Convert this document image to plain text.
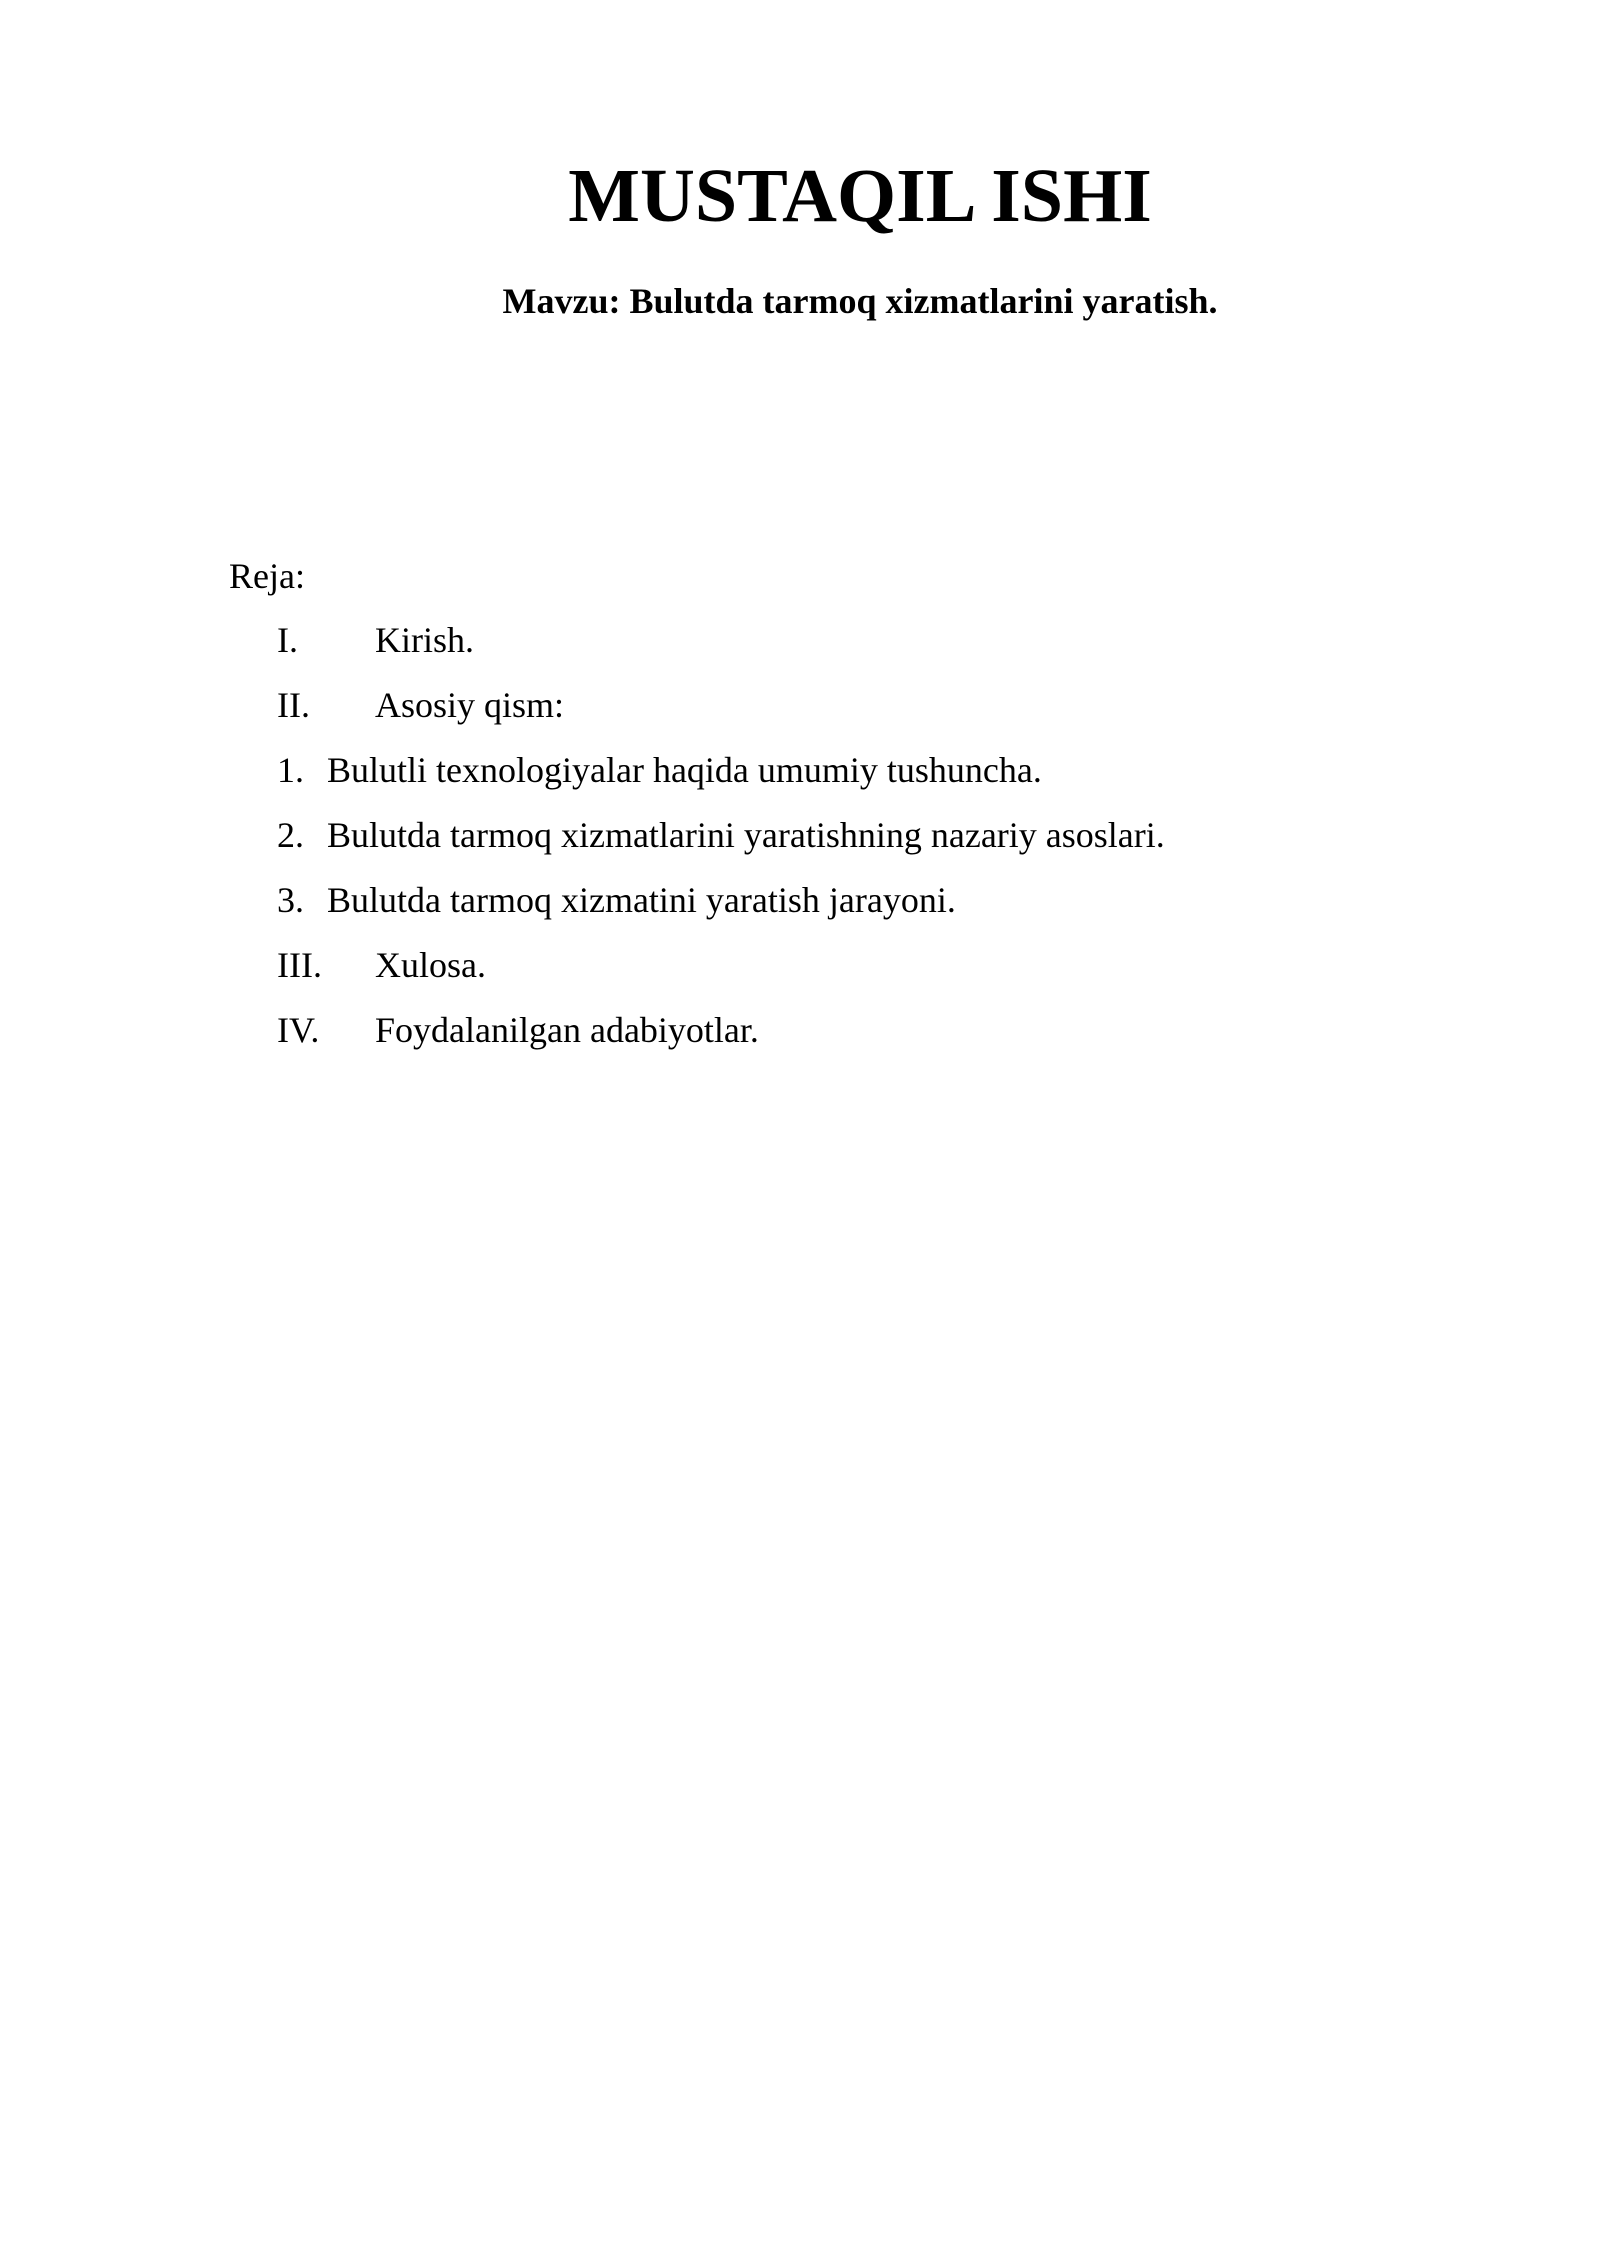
MUSTAQIL ISHI
Mavzu: Bulutda tarmoq xizmatlarini yaratish.
Reja:
I. Kirish.
II. Asosiy qism:
1. Bulutli texnologiyalar haqida umumiy tushuncha.
2. Bulutda tarmoq xizmatlarini yaratishning nazariy asoslari.
3. Bulutda tarmoq xizmatini yaratish jarayoni.
III. Xulosa.
IV. Foydalanilgan adabiyotlar.
